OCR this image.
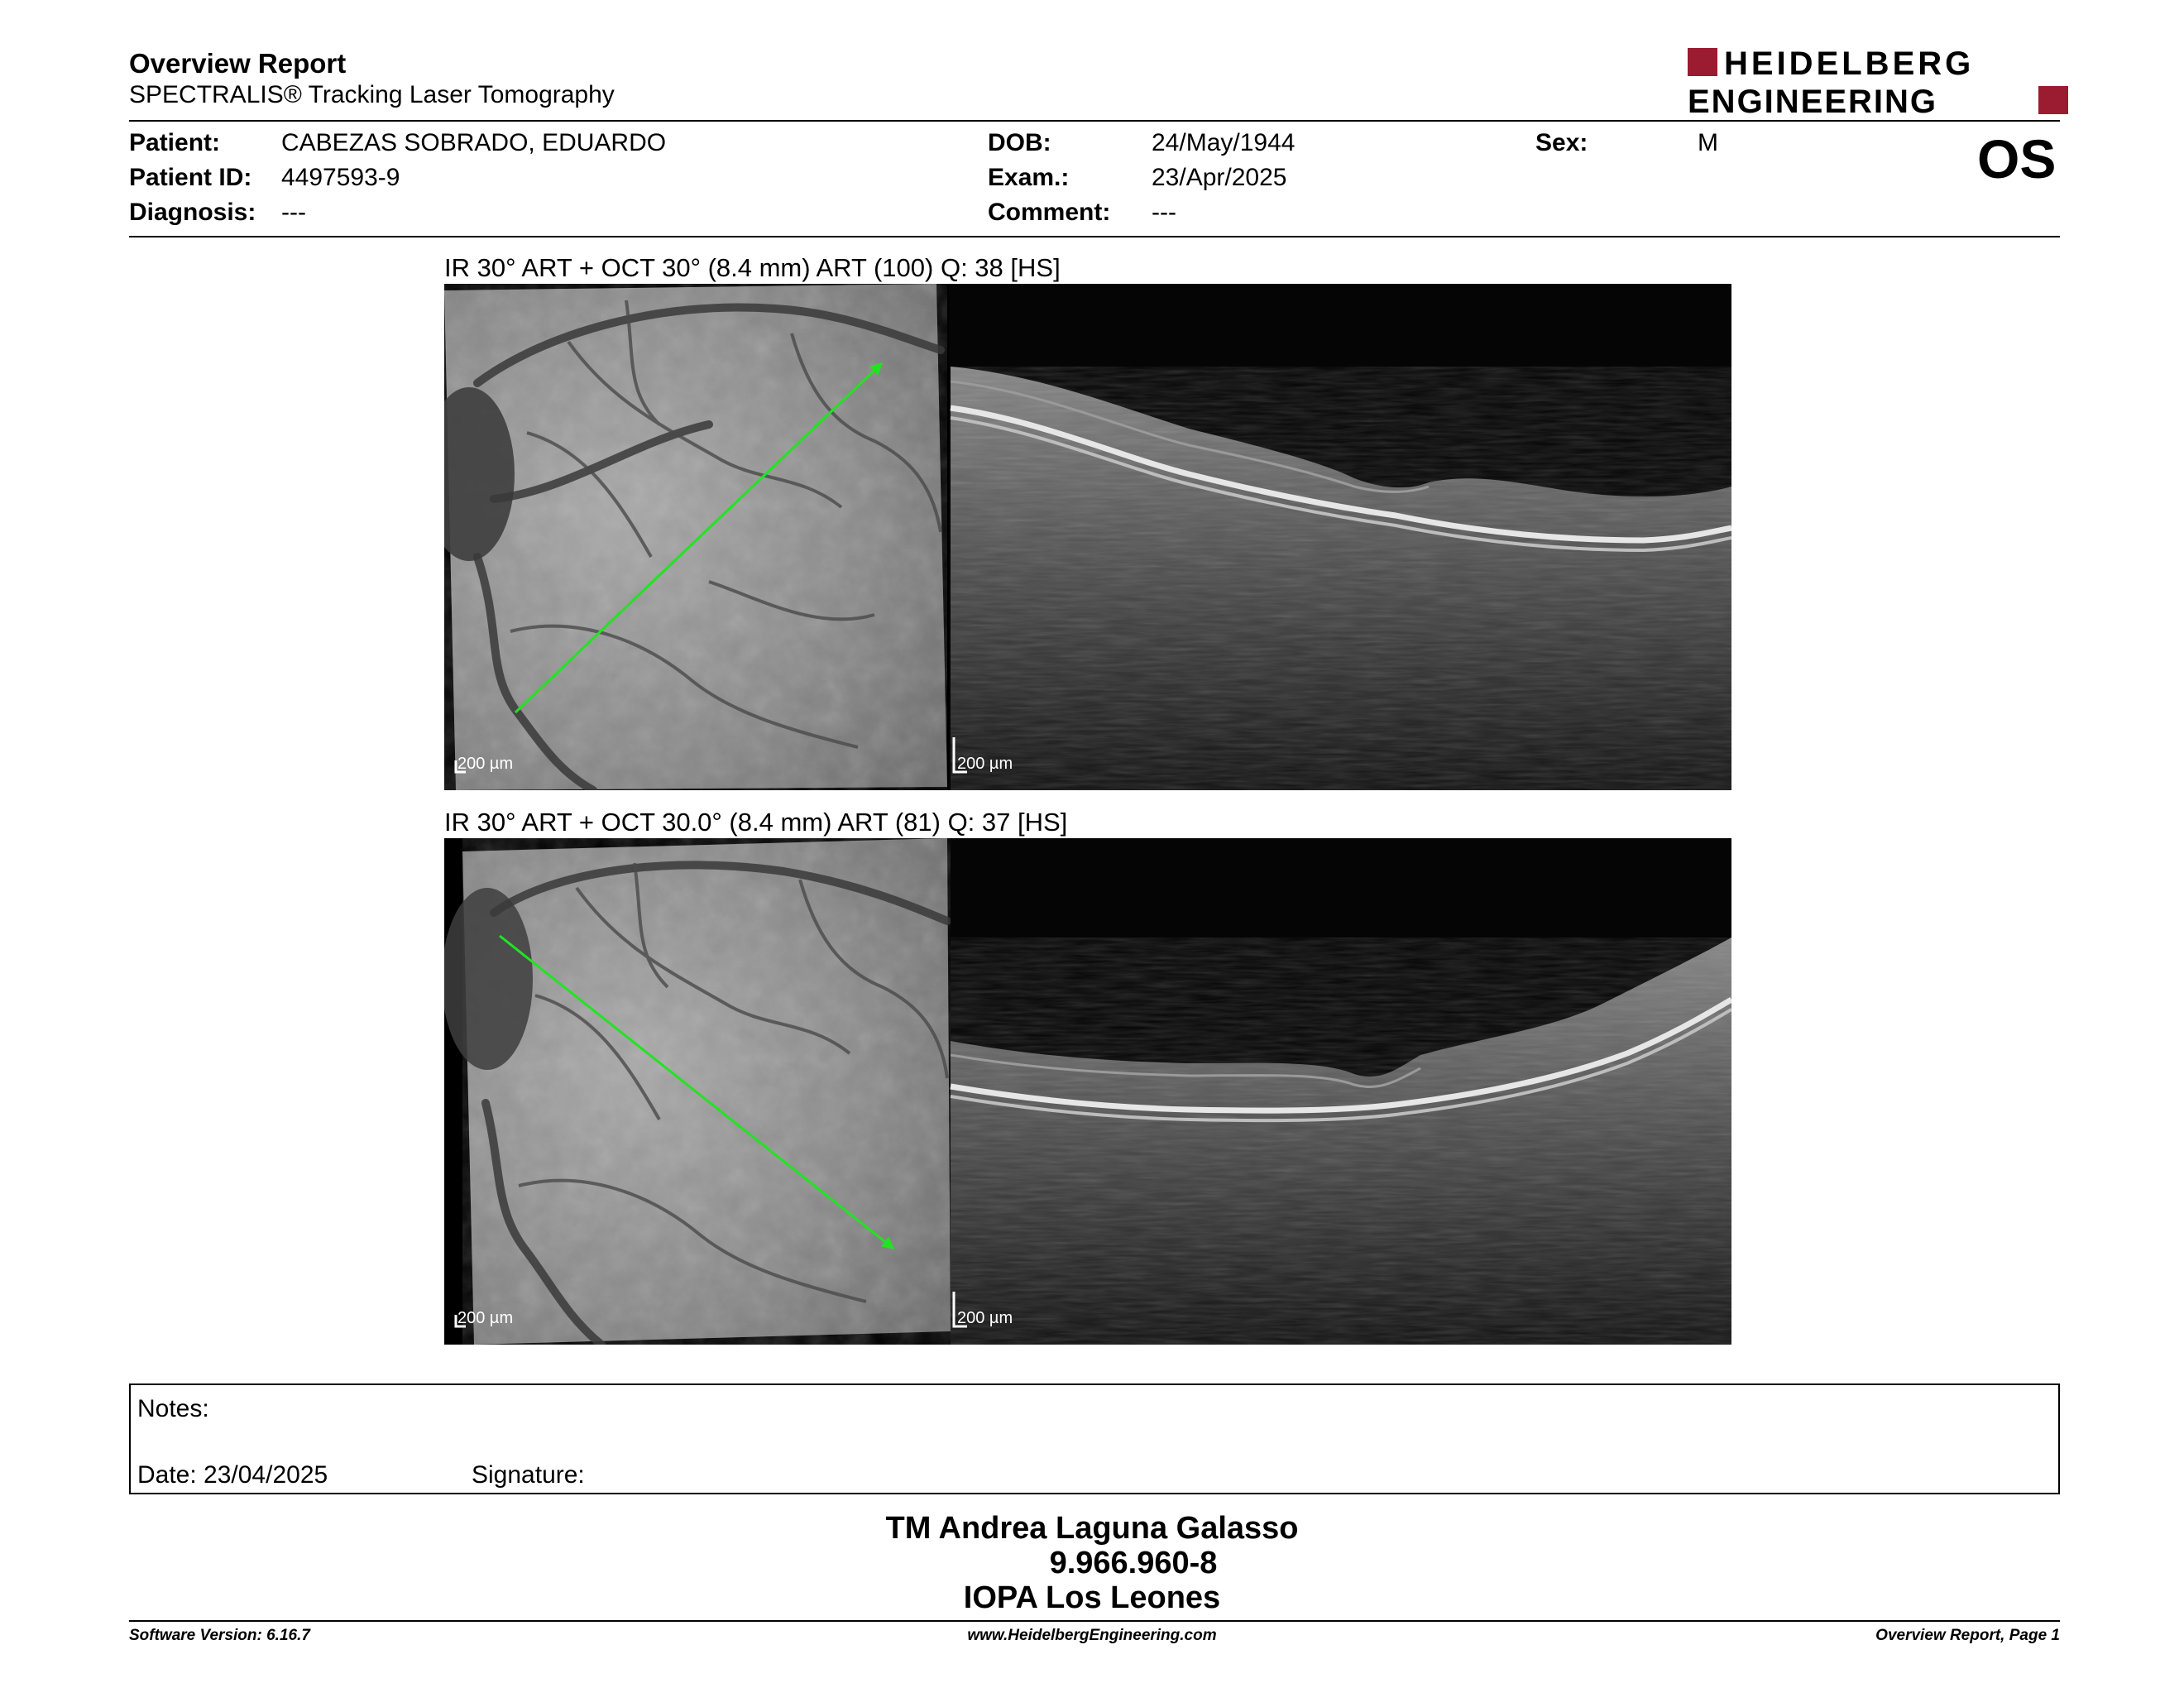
Overview Report
SPECTRALIS® Tracking Laser Tomography
HEIDELBERG
ENGINEERING
Patient: CABEZAS SOBRADO, EDUARDO
Patient ID: 4497593-9
Diagnosis: ---
DOB:	24/May/1944
Exam.:	23/Apr/2025
Comment: ---
Sex:	M	OS
IR 30° ART + OCT 30° (8.4 mm) ART (100) Q: 38 [HS]
200 µm	200 µm
IR 30° ART + OCT 30.0° (8.4 mm) ART (81) Q: 37 [HS]
200 µm	200 µm
Notes:
Date: 23/04/2025	Signature:
TM Andrea Laguna Galasso
9.966.960-8
IOPA Los Leones
Software Version: 6.16.7	www.HeidelbergEngineering.com	Overview Report, Page 1
